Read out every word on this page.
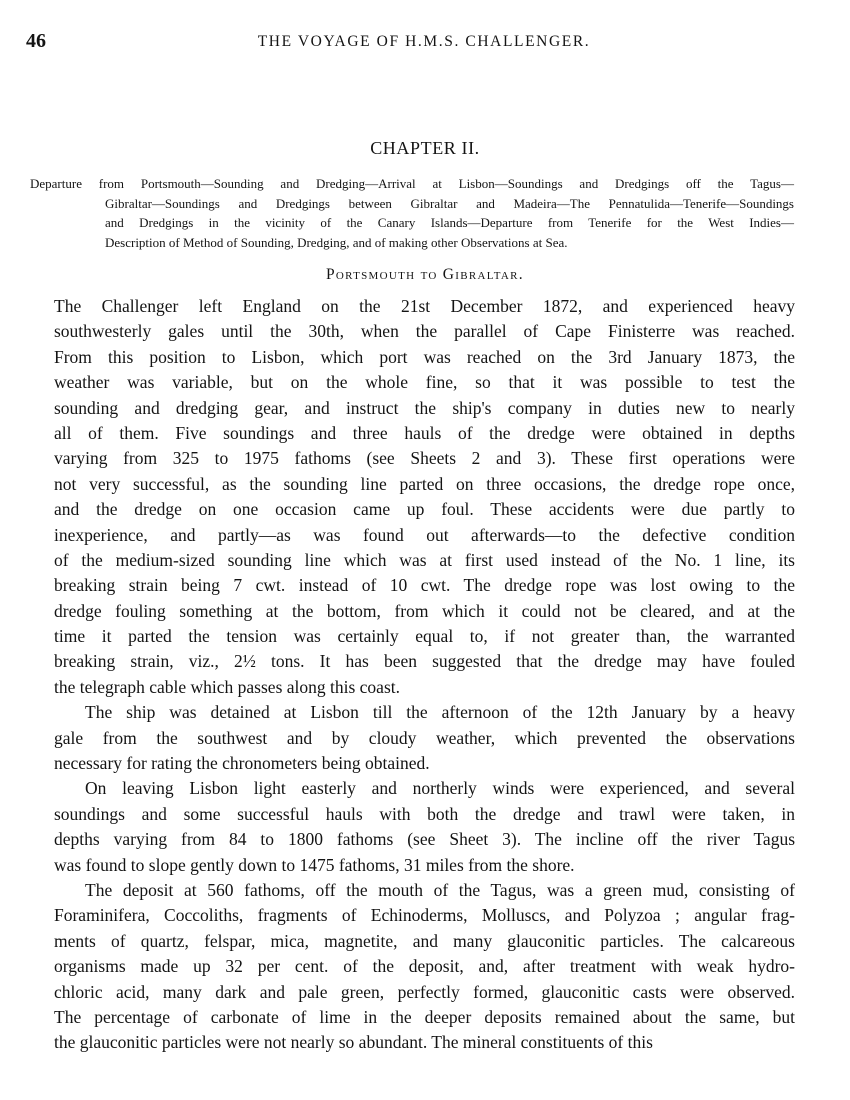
46	THE VOYAGE OF H.M.S. CHALLENGER.
CHAPTER II.
Departure from Portsmouth—Sounding and Dredging—Arrival at Lisbon—Soundings and Dredgings off the Tagus—
Gibraltar—Soundings and Dredgings between Gibraltar and Madeira—The Pennatulida—Tenerife—Soundings
and Dredgings in the vicinity of the Canary Islands—Departure from Tenerife for the West Indies—
Description of Method of Sounding, Dredging, and of making other Observations at Sea.
Portsmouth to Gibraltar.
The Challenger left England on the 21st December 1872, and experienced heavy
southwesterly gales until the 30th, when the parallel of Cape Finisterre was reached.
From this position to Lisbon, which port was reached on the 3rd January 1873, the
weather was variable, but on the whole fine, so that it was possible to test the
sounding and dredging gear, and instruct the ship's company in duties new to nearly
all of them. Five soundings and three hauls of the dredge were obtained in depths
varying from 325 to 1975 fathoms (see Sheets 2 and 3). These first operations were
not very successful, as the sounding line parted on three occasions, the dredge rope once,
and the dredge on one occasion came up foul. These accidents were due partly to
inexperience, and partly—as was found out afterwards—to the defective condition
of the medium-sized sounding line which was at first used instead of the No. 1 line, its
breaking strain being 7 cwt. instead of 10 cwt. The dredge rope was lost owing to the
dredge fouling something at the bottom, from which it could not be cleared, and at the
time it parted the tension was certainly equal to, if not greater than, the warranted
breaking strain, viz., 2½ tons. It has been suggested that the dredge may have fouled
the telegraph cable which passes along this coast.
The ship was detained at Lisbon till the afternoon of the 12th January by a heavy
gale from the southwest and by cloudy weather, which prevented the observations
necessary for rating the chronometers being obtained.
On leaving Lisbon light easterly and northerly winds were experienced, and several
soundings and some successful hauls with both the dredge and trawl were taken, in
depths varying from 84 to 1800 fathoms (see Sheet 3). The incline off the river Tagus
was found to slope gently down to 1475 fathoms, 31 miles from the shore.
The deposit at 560 fathoms, off the mouth of the Tagus, was a green mud, consisting of
Foraminifera, Coccoliths, fragments of Echinoderms, Molluscs, and Polyzoa ; angular frag-
ments of quartz, felspar, mica, magnetite, and many glauconitic particles. The calcareous
organisms made up 32 per cent. of the deposit, and, after treatment with weak hydro-
chloric acid, many dark and pale green, perfectly formed, glauconitic casts were observed.
The percentage of carbonate of lime in the deeper deposits remained about the same, but
the glauconitic particles were not nearly so abundant. The mineral constituents of this
